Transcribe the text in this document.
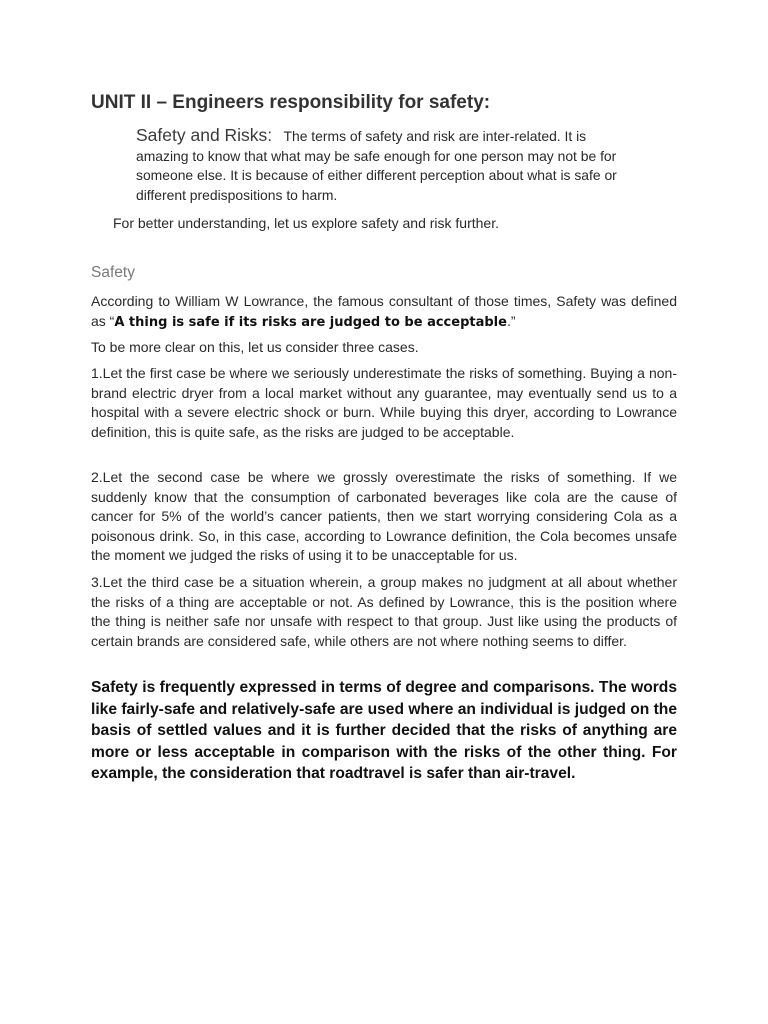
UNIT II – Engineers responsibility for safety:
Safety and Risks: The terms of safety and risk are inter-related. It is amazing to know that what may be safe enough for one person may not be for someone else. It is because of either different perception about what is safe or different predispositions to harm.
For better understanding, let us explore safety and risk further.
Safety
According to William W Lowrance, the famous consultant of those times, Safety was defined as “A thing is safe if its risks are judged to be acceptable.”
To be more clear on this, let us consider three cases.
1.Let the first case be where we seriously underestimate the risks of something. Buying a non-brand electric dryer from a local market without any guarantee, may eventually send us to a hospital with a severe electric shock or burn. While buying this dryer, according to Lowrance definition, this is quite safe, as the risks are judged to be acceptable.
2.Let the second case be where we grossly overestimate the risks of something. If we suddenly know that the consumption of carbonated beverages like cola are the cause of cancer for 5% of the world’s cancer patients, then we start worrying considering Cola as a poisonous drink. So, in this case, according to Lowrance definition, the Cola becomes unsafe the moment we judged the risks of using it to be unacceptable for us.
3.Let the third case be a situation wherein, a group makes no judgment at all about whether the risks of a thing are acceptable or not. As defined by Lowrance, this is the position where the thing is neither safe nor unsafe with respect to that group. Just like using the products of certain brands are considered safe, while others are not where nothing seems to differ.
Safety is frequently expressed in terms of degree and comparisons. The words like fairly-safe and relatively-safe are used where an individual is judged on the basis of settled values and it is further decided that the risks of anything are more or less acceptable in comparison with the risks of the other thing. For example, the consideration that roadtravel is safer than air-travel.
